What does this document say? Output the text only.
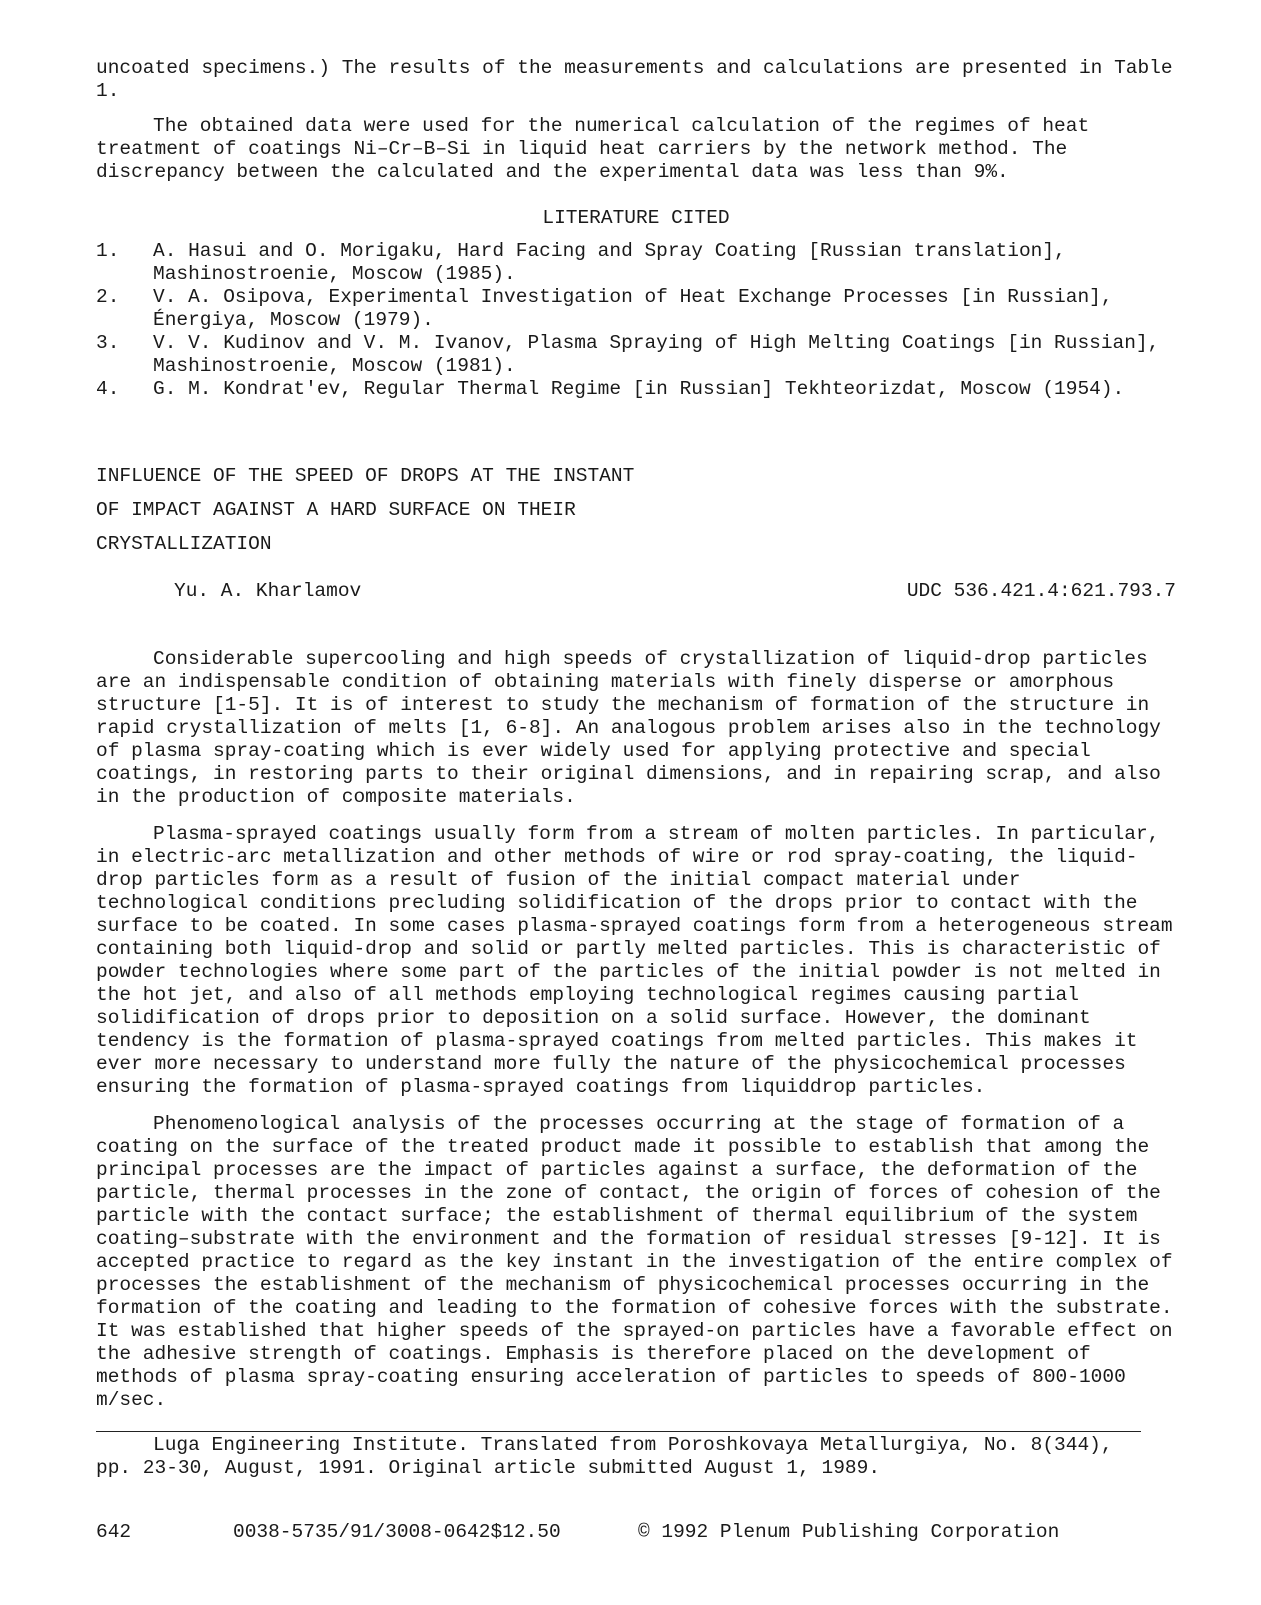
uncoated specimens.) The results of the measurements and calculations are presented in Table 1.

The obtained data were used for the numerical calculation of the regimes of heat treatment of coatings Ni–Cr–B–Si in liquid heat carriers by the network method. The discrepancy between the calculated and the experimental data was less than 9%.

LITERATURE CITED
1.	A. Hasui and O. Morigaku, Hard Facing and Spray Coating [Russian translation], Mashinostroenie, Moscow (1985).
2.	V. A. Osipova, Experimental Investigation of Heat Exchange Processes [in Russian], Énergiya, Moscow (1979).
3.	V. V. Kudinov and V. M. Ivanov, Plasma Spraying of High Melting Coatings [in Russian], Mashinostroenie, Moscow (1981).
4.	G. M. Kondrat'ev, Regular Thermal Regime [in Russian] Tekhteorizdat, Moscow (1954).
INFLUENCE OF THE SPEED OF DROPS AT THE INSTANT
OF IMPACT AGAINST A HARD SURFACE ON THEIR
CRYSTALLIZATION
Yu. A. Kharlamov	UDC 536.421.4:621.793.7

Considerable supercooling and high speeds of crystallization of liquid-drop particles are an indispensable condition of obtaining materials with finely disperse or amorphous structure [1-5]. It is of interest to study the mechanism of formation of the structure in rapid crystallization of melts [1, 6-8]. An analogous problem arises also in the technology of plasma spray-coating which is ever widely used for applying protective and special coatings, in restoring parts to their original dimensions, and in repairing scrap, and also in the production of composite materials.

Plasma-sprayed coatings usually form from a stream of molten particles. In particular, in electric-arc metallization and other methods of wire or rod spray-coating, the liquid-drop particles form as a result of fusion of the initial compact material under technological conditions precluding solidification of the drops prior to contact with the surface to be coated. In some cases plasma-sprayed coatings form from a heterogeneous stream containing both liquid-drop and solid or partly melted particles. This is characteristic of powder technologies where some part of the particles of the initial powder is not melted in the hot jet, and also of all methods employing technological regimes causing partial solidification of drops prior to deposition on a solid surface. However, the dominant tendency is the formation of plasma-sprayed coatings from melted particles. This makes it ever more necessary to understand more fully the nature of the physicochemical processes ensuring the formation of plasma-sprayed coatings from liquiddrop particles.

Phenomenological analysis of the processes occurring at the stage of formation of a coating on the surface of the treated product made it possible to establish that among the principal processes are the impact of particles against a surface, the deformation of the particle, thermal processes in the zone of contact, the origin of forces of cohesion of the particle with the contact surface; the establishment of thermal equilibrium of the system coating–substrate with the environment and the formation of residual stresses [9-12]. It is accepted practice to regard as the key instant in the investigation of the entire complex of processes the establishment of the mechanism of physicochemical processes occurring in the formation of the coating and leading to the formation of cohesive forces with the substrate. It was established that higher speeds of the sprayed-on particles have a favorable effect on the adhesive strength of coatings. Emphasis is therefore placed on the development of methods of plasma spray-coating ensuring acceleration of particles to speeds of 800-1000 m/sec.

Luga Engineering Institute. Translated from Poroshkovaya Metallurgiya, No. 8(344), pp. 23-30, August, 1991. Original article submitted August 1, 1989.

642	0038-5735/91/3008-0642$12.50	© 1992 Plenum Publishing Corporation
